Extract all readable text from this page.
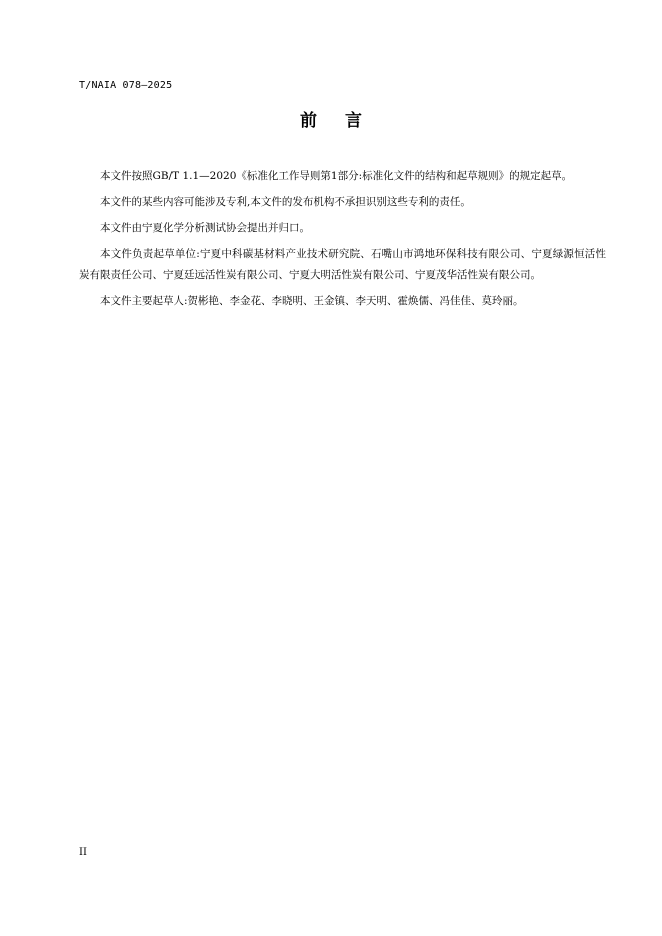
T/NAIA 078—2025
前言

本文件按照GB/T 1.1—2020《标准化工作导则第1部分:标准化文件的结构和起草规则》的规定起草。

本文件的某些内容可能涉及专利,本文件的发布机构不承担识别这些专利的责任。

本文件由宁夏化学分析测试协会提出并归口。

本文件负责起草单位:宁夏中科碳基材料产业技术研究院、石嘴山市鸿地环保科技有限公司、宁夏绿源恒活性炭有限责任公司、宁夏廷远活性炭有限公司、宁夏大明活性炭有限公司、宁夏茂华活性炭有限公司。

本文件主要起草人:贺彬艳、李金花、李晓明、王金镇、李天明、霍焕儒、冯佳佳、莫玲丽。

II
